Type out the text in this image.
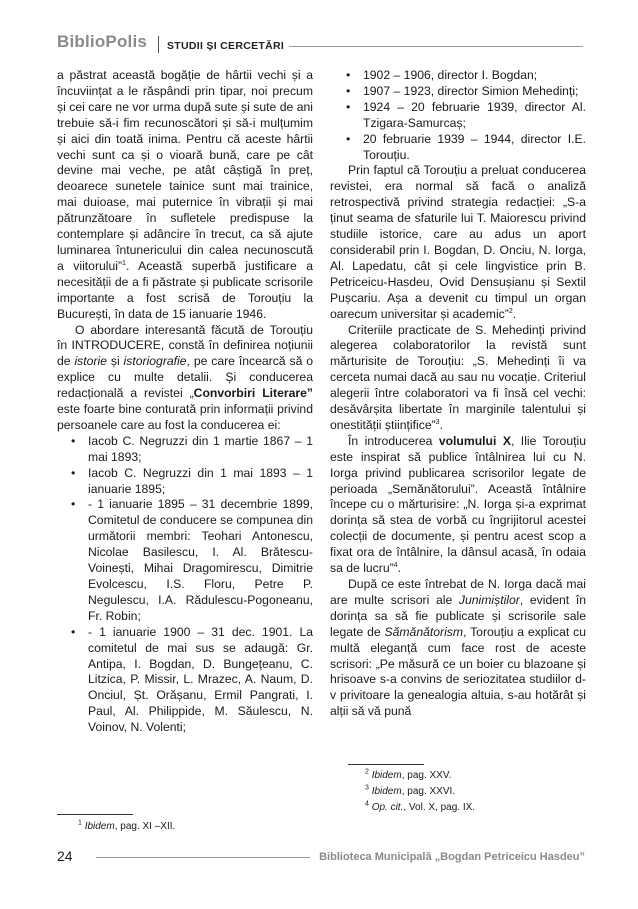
BiblioPolis STUDII ȘI CERCETĂRI

a păstrat această bogăție de hârtii vechi și a încuviințat a le răspândi prin tipar, noi precum și cei care ne vor urma după sute și sute de ani trebuie să-i fim recunoscători și să-i mulțumim și aici din toată inima. Pentru că aceste hârtii vechi sunt ca și o vioară bună, care pe cât devine mai veche, pe atât câștigă în preț, deoarece sunetele tainice sunt mai trainice, mai duioase, mai puternice în vibrații și mai pătrunzătoare în sufletele predispuse la contemplare și adâncire în trecut, ca să ajute luminarea întunericului din calea necunoscută a viitorului”$^1$. Această superbă justificare a necesității de a fi păstrate și publicate scrisorile importante a fost scrisă de Torouțiu la București, în data de 15 ianuarie 1946.

O abordare interesantă făcută de Torouțiu în INTRODUCERE, constă în definirea noțiunii de istorie și istoriografie, pe care încearcă să o explice cu multe detalii. Și conducerea redacțională a revistei „Convorbiri Literare” este foarte bine conturată prin informații privind persoanele care au fost la conducerea ei:

• Iacob C. Negruzzi din 1 martie 1867 – 1 mai 1893;
• Iacob C. Negruzzi din 1 mai 1893 – 1 ianuarie 1895;
• - 1 ianuarie 1895 – 31 decembrie 1899, Comitetul de conducere se compunea din următorii membri: Teohari Antonescu, Nicolae Basilescu, I. Al. Brătescu-Voinești, Mihai Dragomirescu, Dimitrie Evolcescu, I.S. Floru, Petre P. Negulescu, I.A. Rădulescu-Pogoneanu, Fr. Robin;
• - 1 ianuarie 1900 – 31 dec. 1901. La comitetul de mai sus se adaugă: Gr. Antipa, I. Bogdan, D. Bungețeanu, C. Litzica, P. Missir, L. Mrazec, A. Naum, D. Onciul, Șt. Orășanu, Ermil Pangrati, I. Paul, Al. Philippide, M. Săulescu, N. Voinov, N. Volenti;
$^1$ Ibidem, pag. XI –XII.
• 1902 – 1906, director I. Bogdan;
• 1907 – 1923, director Simion Mehedinți;
• 1924 – 20 februarie 1939, director Al. Tzigara-Samurcaș;
• 20 februarie 1939 – 1944, director I.E. Torouțiu.

Prin faptul că Torouțiu a preluat conducerea revistei, era normal să facă o analiză retrospectivă privind strategia redacției: „S-a ținut seama de sfaturile lui T. Maiorescu privind studiile istorice, care au adus un aport considerabil prin I. Bogdan, D. Onciu, N. Iorga, Al. Lapedatu, cât și cele lingvistice prin B. Petriceicu-Hasdeu, Ovid Densușianu și Sextil Pușcariu. Așa a devenit cu timpul un organ oarecum universitar și academic”$^2$.

Criteriile practicate de S. Mehedinți privind alegerea colaboratorilor la revistă sunt mărturisite de Torouțiu: „S. Mehedinți îi va cerceta numai dacă au sau nu vocație. Criteriul alegerii între colaboratori va fi însă cel vechi: desăvârșita libertate în marginile talentului și onestității științifice”$^3$.

În introducerea volumului X, Ilie Torouțiu este inspirat să publice întâlnirea lui cu N. Iorga privind publicarea scrisorilor legate de perioada „Semănătorului”. Această întâlnire începe cu o mărturisire: „N. Iorga și-a exprimat dorința să stea de vorbă cu îngrijitorul acestei colecții de documente, și pentru acest scop a fixat ora de întâlnire, la dânsul acasă, în odaia sa de lucru”$^4$.

După ce este întrebat de N. Iorga dacă mai are multe scrisori ale Junimiștilor, evident în dorința sa să fie publicate și scrisorile sale legate de Sămănătorism, Torouțiu a explicat cu multă eleganță cum face rost de aceste scrisori: „Pe măsură ce un boier cu blazoane și hrisoave s-a convins de seriozitatea studiilor d-v privitoare la genealogia altuia, s-au hotărât și alții să vă pună

$^2$ Ibidem, pag. XXV.
$^3$ Ibidem, pag. XXVI.
$^4$ Op. cit., Vol. X, pag. IX.
24	Biblioteca Municipală „Bogdan Petriceicu Hasdeu”
